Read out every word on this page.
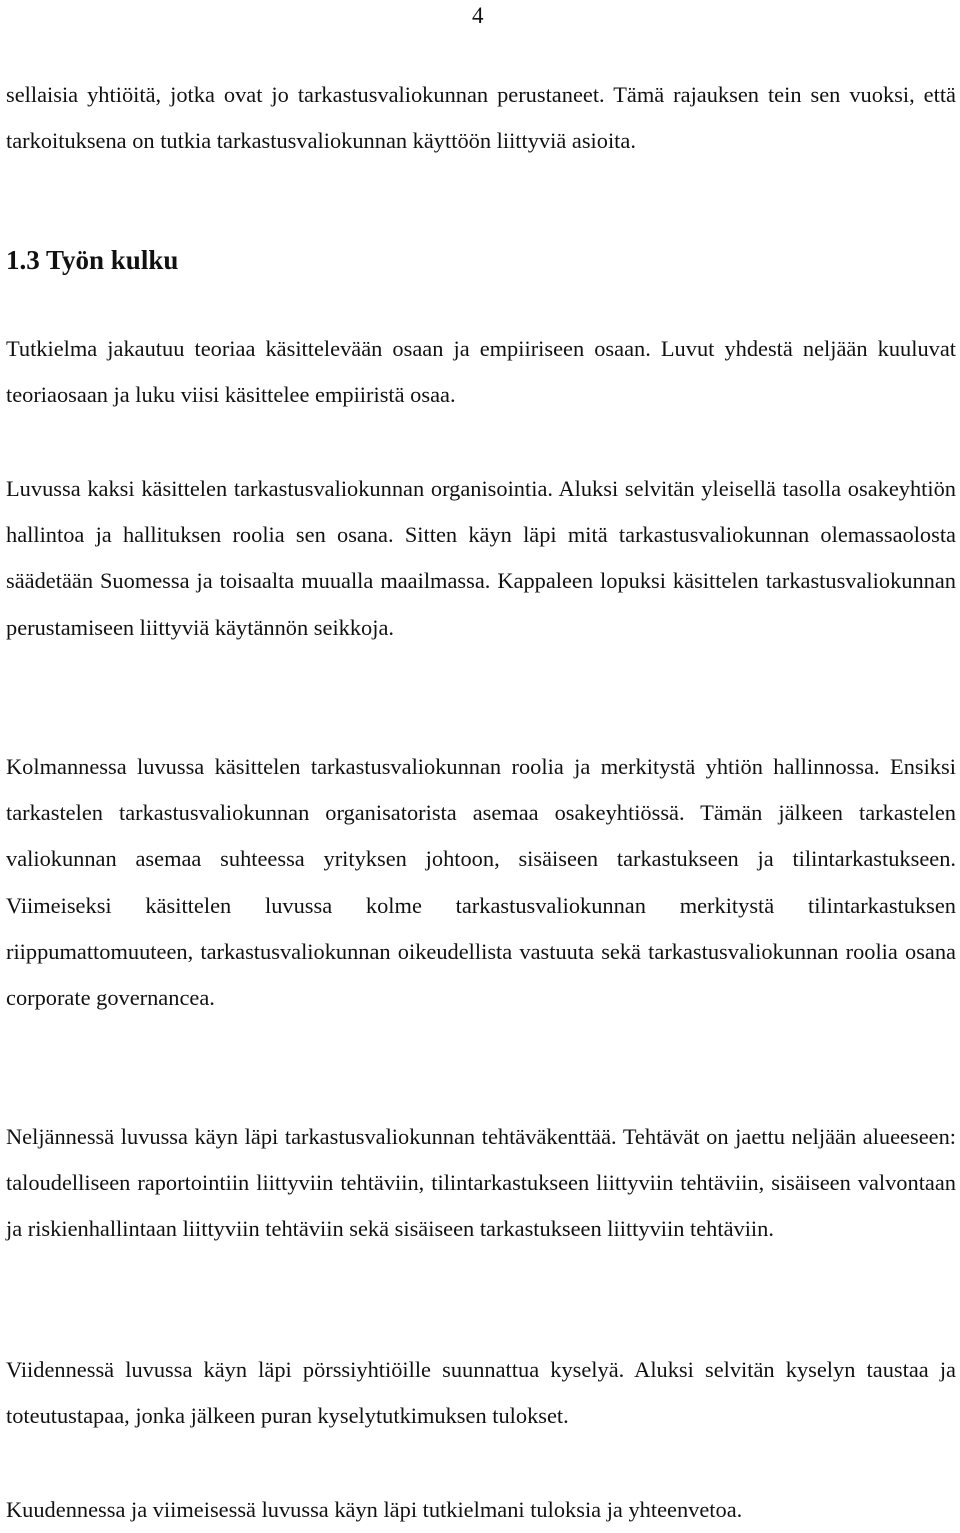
4

sellaisia yhtiöitä, jotka ovat jo tarkastusvaliokunnan perustaneet. Tämä rajauksen tein sen vuoksi, että tarkoituksena on tutkia tarkastusvaliokunnan käyttöön liittyviä asioita.

1.3 Työn kulku

Tutkielma jakautuu teoriaa käsittelevään osaan ja empiiriseen osaan. Luvut yhdestä neljään kuuluvat teoriaosaan ja luku viisi käsittelee empiiristä osaa.

Luvussa kaksi käsittelen tarkastusvaliokunnan organisointia. Aluksi selvitän yleisellä tasolla osakeyhtiön hallintoa ja hallituksen roolia sen osana. Sitten käyn läpi mitä tarkastusvaliokunnan olemassaolosta säädetään Suomessa ja toisaalta muualla maailmassa. Kappaleen lopuksi käsittelen tarkastusvaliokunnan perustamiseen liittyviä käytännön seikkoja.

Kolmannessa luvussa käsittelen tarkastusvaliokunnan roolia ja merkitystä yhtiön hallinnossa. Ensiksi tarkastelen tarkastusvaliokunnan organisatorista asemaa osakeyhtiössä. Tämän jälkeen tarkastelen valiokunnan asemaa suhteessa yrityksen johtoon, sisäiseen tarkastukseen ja tilintarkastukseen. Viimeiseksi käsittelen luvussa kolme tarkastusvaliokunnan merkitystä tilintarkastuksen riippumattomuuteen, tarkastusvaliokunnan oikeudellista vastuuta sekä tarkastusvaliokunnan roolia osana corporate governancea.

Neljännessä luvussa käyn läpi tarkastusvaliokunnan tehtäväkenttää. Tehtävät on jaettu neljään alueeseen: taloudelliseen raportointiin liittyviin tehtäviin, tilintarkastukseen liittyviin tehtäviin, sisäiseen valvontaan ja riskienhallintaan liittyviin tehtäviin sekä sisäiseen tarkastukseen liittyviin tehtäviin.

Viidennessä luvussa käyn läpi pörssiyhtiöille suunnattua kyselyä. Aluksi selvitän kyselyn taustaa ja toteutustapaa, jonka jälkeen puran kyselytutkimuksen tulokset.

Kuudennessa ja viimeisessä luvussa käyn läpi tutkielmani tuloksia ja yhteenvetoa.
